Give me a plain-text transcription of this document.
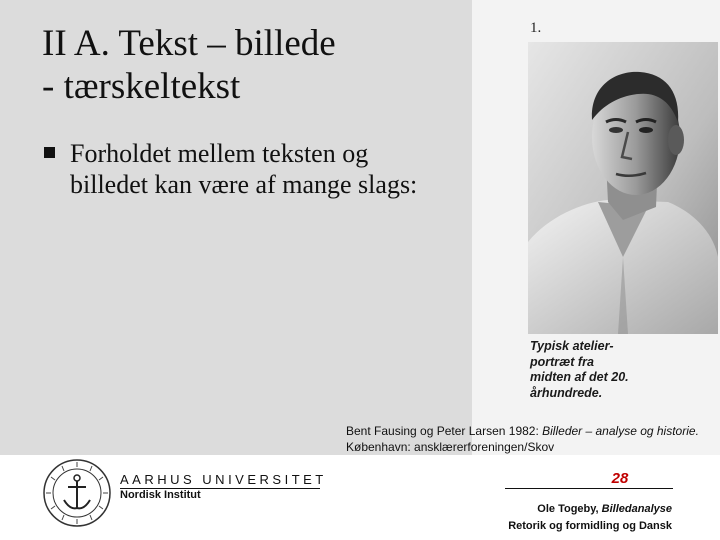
II A. Tekst – billede
- tærskeltekst
Forholdet mellem teksten og
billedet kan være af mange slags:
1.
Typisk atelier-
portræt fra
midten af det 20.
århundrede.
Bent Fausing og Peter Larsen 1982: Billeder – analyse og historie. København: ansklærerforeningen/Skov
AARHUS UNIVERSITET
Nordisk Institut
28
Ole Togeby, Billedanalyse
Retorik og formidling og Dansk
